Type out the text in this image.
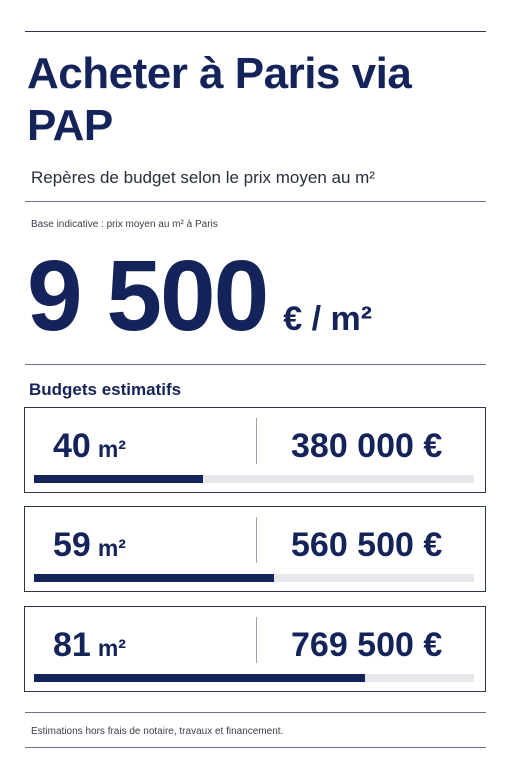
Acheter à Paris via PAP
Repères de budget selon le prix moyen au m²
Base indicative : prix moyen au m² à Paris
9 500 € / m²
Budgets estimatifs
40 m²	380 000 €
59 m²	560 500 €
81 m²	769 500 €
Estimations hors frais de notaire, travaux et financement.
